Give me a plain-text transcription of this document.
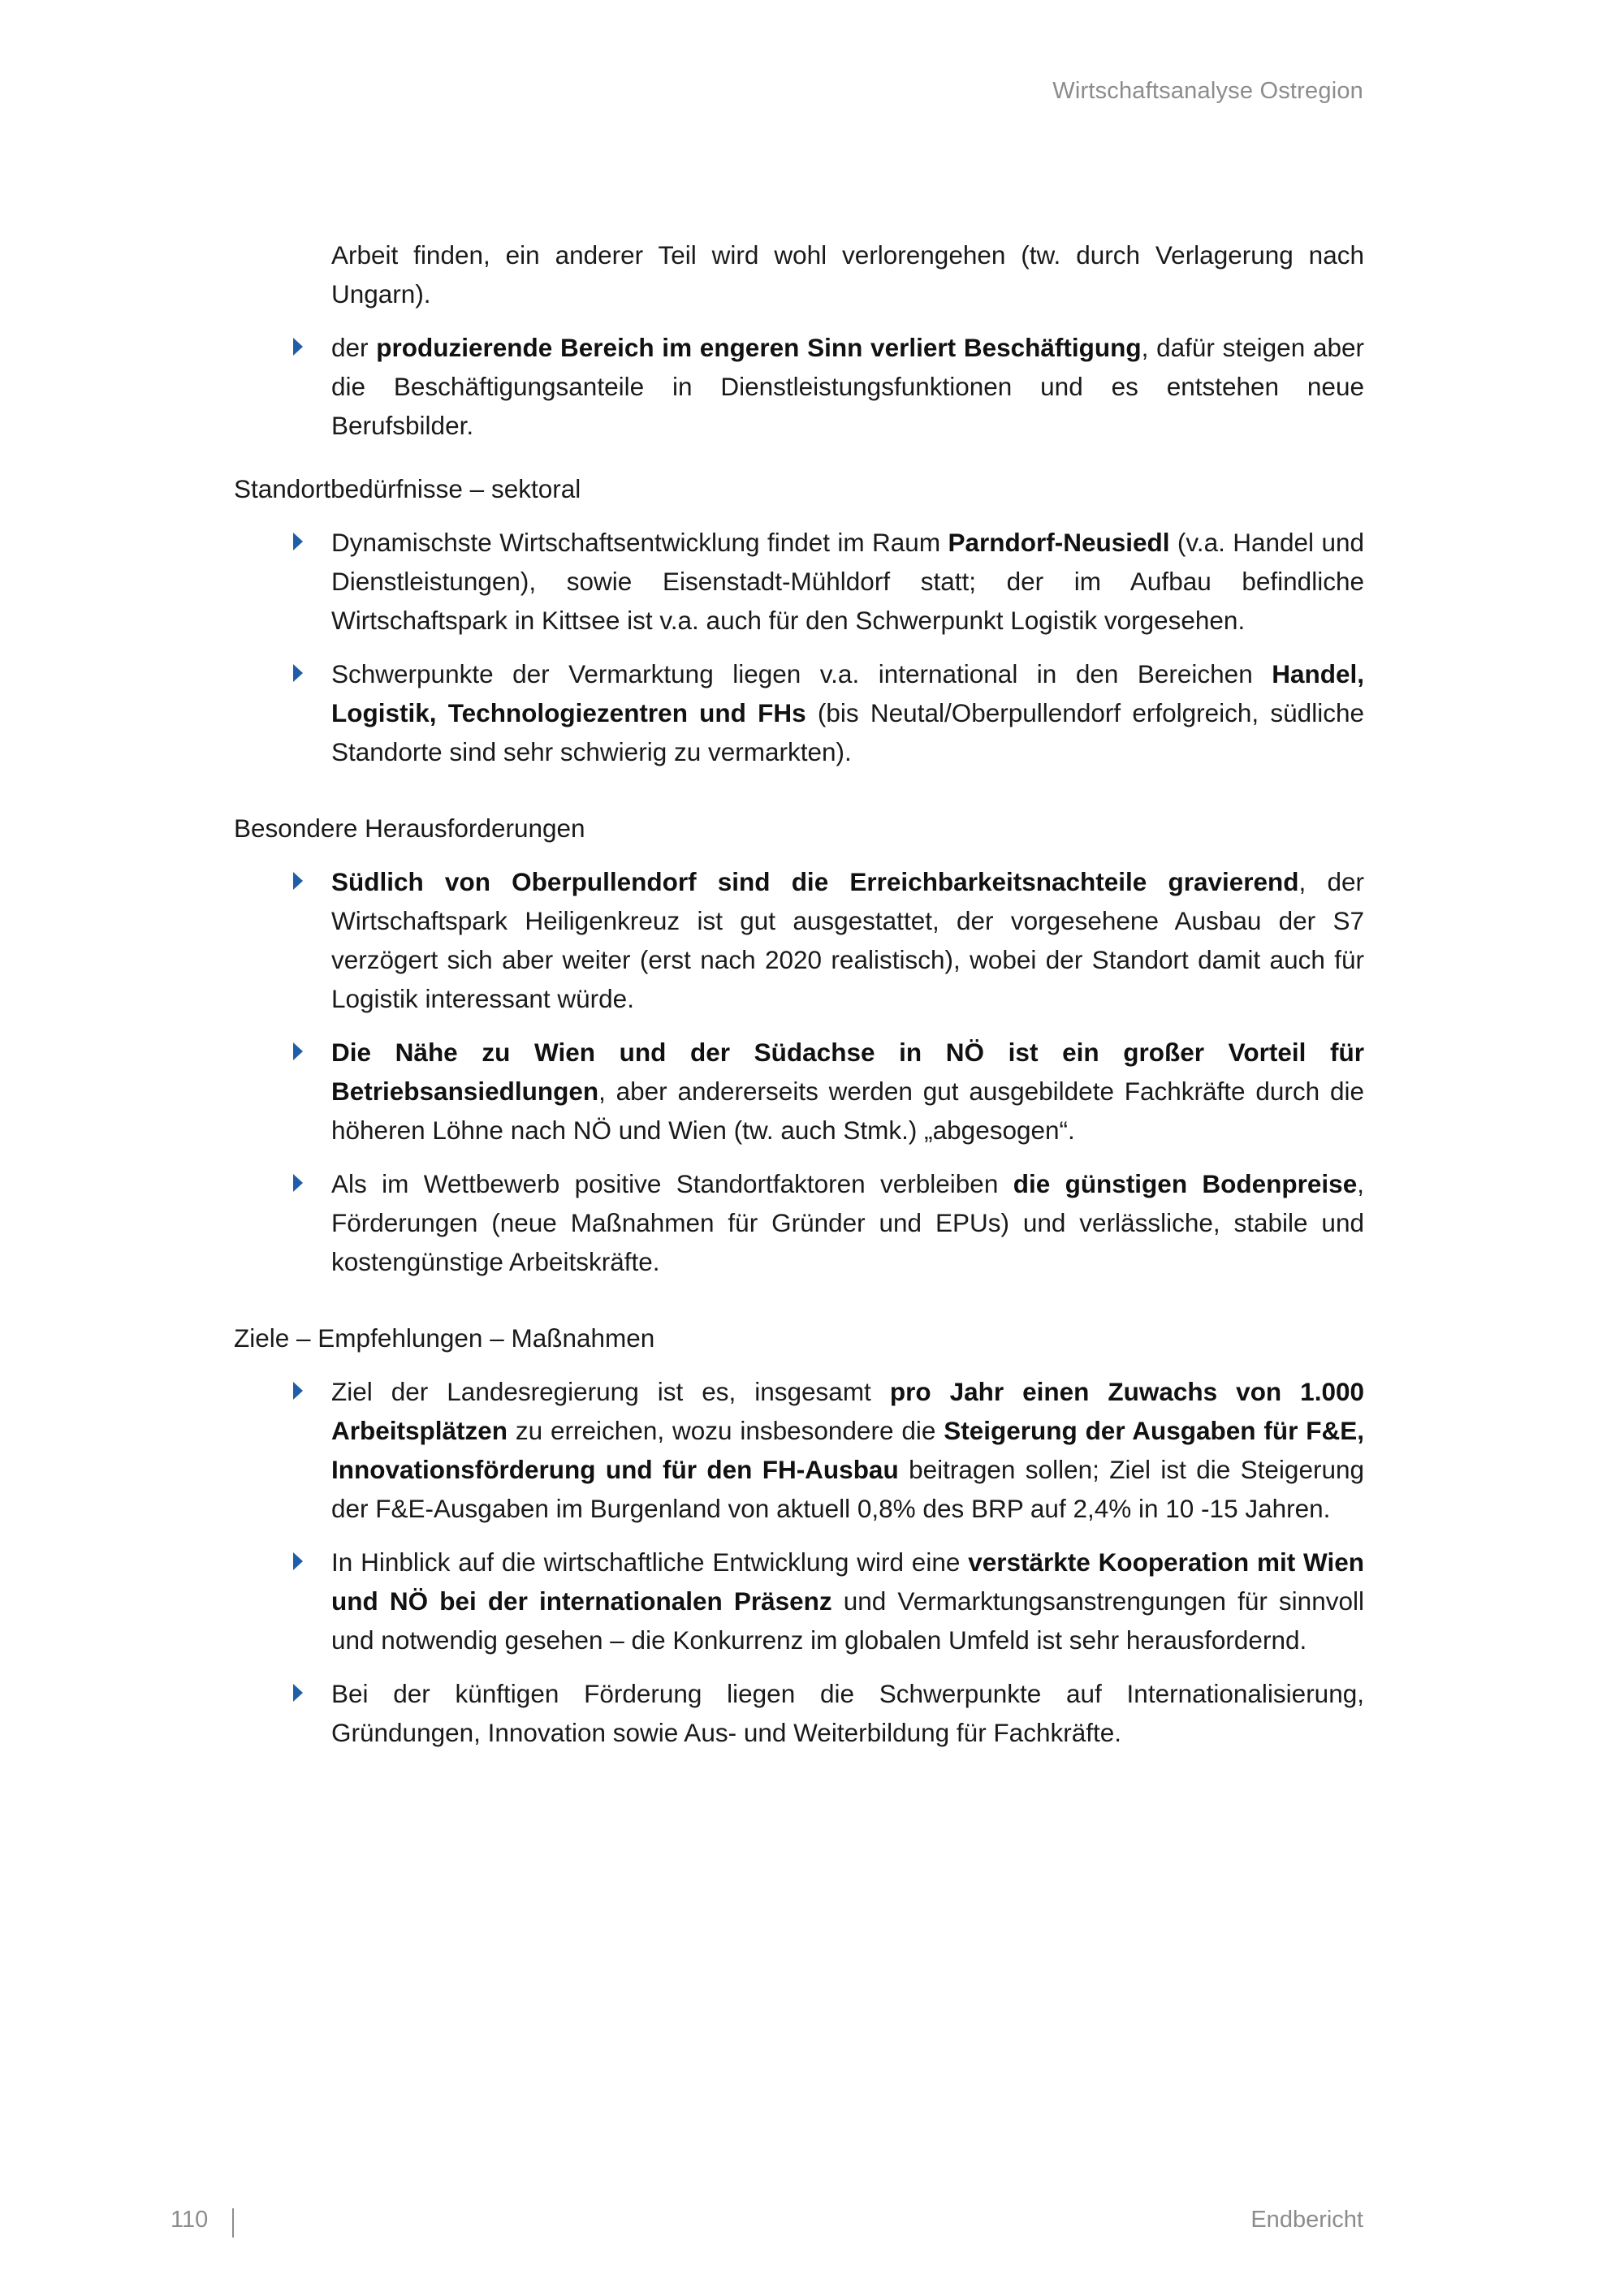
Wirtschaftsanalyse Ostregion

Arbeit finden, ein anderer Teil wird wohl verlorengehen (tw. durch Verlagerung nach Ungarn).

der produzierende Bereich im engeren Sinn verliert Beschäftigung, dafür steigen aber die Beschäftigungsanteile in Dienstleistungsfunktionen und es entstehen neue Berufsbilder.
Standortbedürfnisse – sektoral
Dynamischste Wirtschaftsentwicklung findet im Raum Parndorf-Neusiedl (v.a. Handel und Dienstleistungen), sowie Eisenstadt-Mühldorf statt; der im Aufbau befindliche Wirtschaftspark in Kittsee ist v.a. auch für den Schwerpunkt Logistik vorgesehen.
Schwerpunkte der Vermarktung liegen v.a. international in den Bereichen Handel, Logistik, Technologiezentren und FHs (bis Neutal/Oberpullendorf erfolgreich, südliche Standorte sind sehr schwierig zu vermarkten).
Besondere Herausforderungen
Südlich von Oberpullendorf sind die Erreichbarkeitsnachteile gravierend, der Wirtschaftspark Heiligenkreuz ist gut ausgestattet, der vorgesehene Ausbau der S7 verzögert sich aber weiter (erst nach 2020 realistisch), wobei der Standort damit auch für Logistik interessant würde.
Die Nähe zu Wien und der Südachse in NÖ ist ein großer Vorteil für Betriebsansiedlungen, aber andererseits werden gut ausgebildete Fachkräfte durch die höheren Löhne nach NÖ und Wien (tw. auch Stmk.) „abgesogen“.
Als im Wettbewerb positive Standortfaktoren verbleiben die günstigen Bodenpreise, Förderungen (neue Maßnahmen für Gründer und EPUs) und verlässliche, stabile und kostengünstige Arbeitskräfte.
Ziele – Empfehlungen – Maßnahmen
Ziel der Landesregierung ist es, insgesamt pro Jahr einen Zuwachs von 1.000 Arbeitsplätzen zu erreichen, wozu insbesondere die Steigerung der Ausgaben für F&E, Innovationsförderung und für den FH-Ausbau beitragen sollen; Ziel ist die Steigerung der F&E-Ausgaben im Burgenland von aktuell 0,8% des BRP auf 2,4% in 10 -15 Jahren.
In Hinblick auf die wirtschaftliche Entwicklung wird eine verstärkte Kooperation mit Wien und NÖ bei der internationalen Präsenz und Vermarktungsanstrengungen für sinnvoll und notwendig gesehen – die Konkurrenz im globalen Umfeld ist sehr herausfordernd.
Bei der künftigen Förderung liegen die Schwerpunkte auf Internationalisierung, Gründungen, Innovation sowie Aus- und Weiterbildung für Fachkräfte.
110	Endbericht
